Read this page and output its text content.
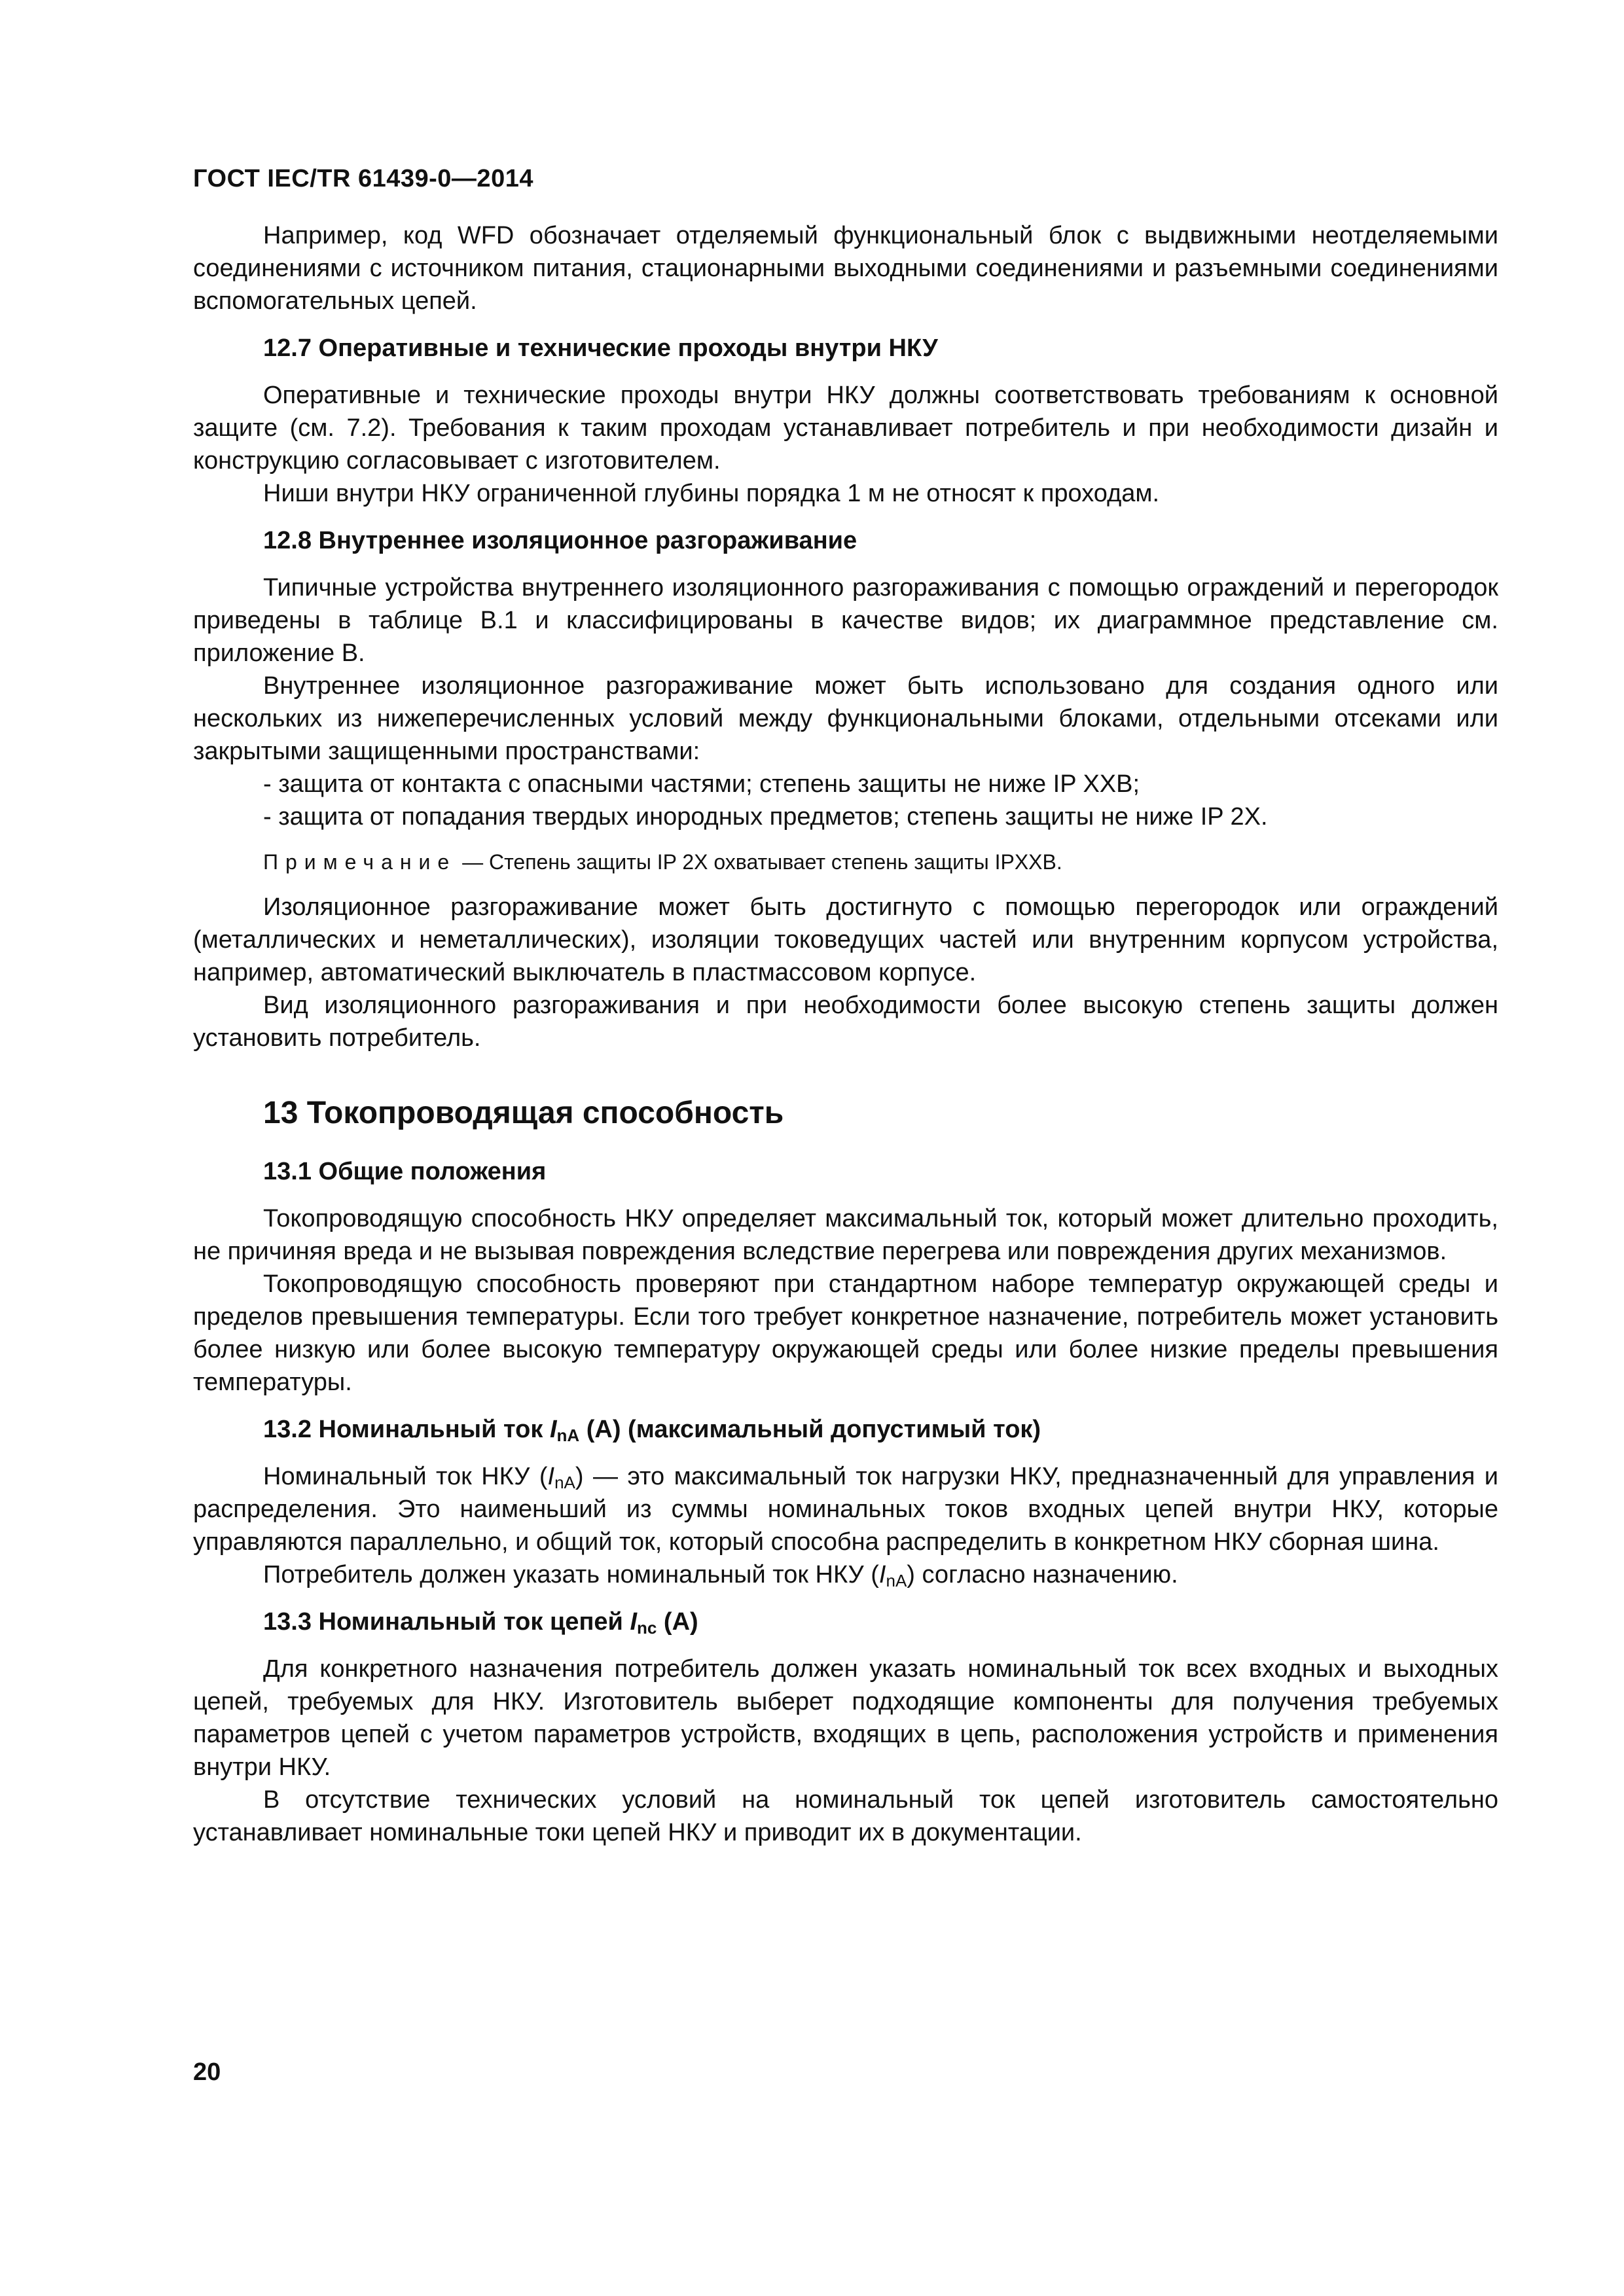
ГОСТ IEC/TR 61439-0—2014

Например, код WFD обозначает отделяемый функциональный блок с выдвижными неотделяемыми соединениями с источником питания, стационарными выходными соединениями и разъемными соединениями вспомогательных цепей.

12.7 Оперативные и технические проходы внутри НКУ

Оперативные и технические проходы внутри НКУ должны соответствовать требованиям к основной защите (см. 7.2). Требования к таким проходам устанавливает потребитель и при необходимости дизайн и конструкцию согласовывает с изготовителем.

Ниши внутри НКУ ограниченной глубины порядка 1 м не относят к проходам.

12.8 Внутреннее изоляционное разгораживание

Типичные устройства внутреннего изоляционного разгораживания с помощью ограждений и перегородок приведены в таблице В.1 и классифицированы в качестве видов; их диаграммное представление см. приложение В.

Внутреннее изоляционное разгораживание может быть использовано для создания одного или нескольких из нижеперечисленных условий между функциональными блоками, отдельными отсеками или закрытыми защищенными пространствами:

- защита от контакта с опасными частями; степень защиты не ниже IP XXB;

- защита от попадания твердых инородных предметов; степень защиты не ниже IP 2X.

Примечание — Степень защиты IP 2X охватывает степень защиты IPXXB.

Изоляционное разгораживание может быть достигнуто с помощью перегородок или ограждений (металлических и неметаллических), изоляции токоведущих частей или внутренним корпусом устройства, например, автоматический выключатель в пластмассовом корпусе.

Вид изоляционного разгораживания и при необходимости более высокую степень защиты должен установить потребитель.

13 Токопроводящая способность
13.1 Общие положения

Токопроводящую способность НКУ определяет максимальный ток, который может длительно проходить, не причиняя вреда и не вызывая повреждения вследствие перегрева или повреждения других механизмов.

Токопроводящую способность проверяют при стандартном наборе температур окружающей среды и пределов превышения температуры. Если того требует конкретное назначение, потребитель может установить более низкую или более высокую температуру окружающей среды или более низкие пределы превышения температуры.

13.2 Номинальный ток $I_{nA}$ (А) (максимальный допустимый ток)

Номинальный ток НКУ $(I_{nA})$ — это максимальный ток нагрузки НКУ, предназначенный для управления и распределения. Это наименьший из суммы номинальных токов входных цепей внутри НКУ, которые управляются параллельно, и общий ток, который способна распределить в конкретном НКУ сборная шина.

Потребитель должен указать номинальный ток НКУ $(I_{nA})$ согласно назначению.

13.3 Номинальный ток цепей $I_{nc}$ (А)

Для конкретного назначения потребитель должен указать номинальный ток всех входных и выходных цепей, требуемых для НКУ. Изготовитель выберет подходящие компоненты для получения требуемых параметров цепей с учетом параметров устройств, входящих в цепь, расположения устройств и применения внутри НКУ.

В отсутствие технических условий на номинальный ток цепей изготовитель самостоятельно устанавливает номинальные токи цепей НКУ и приводит их в документации.

20
